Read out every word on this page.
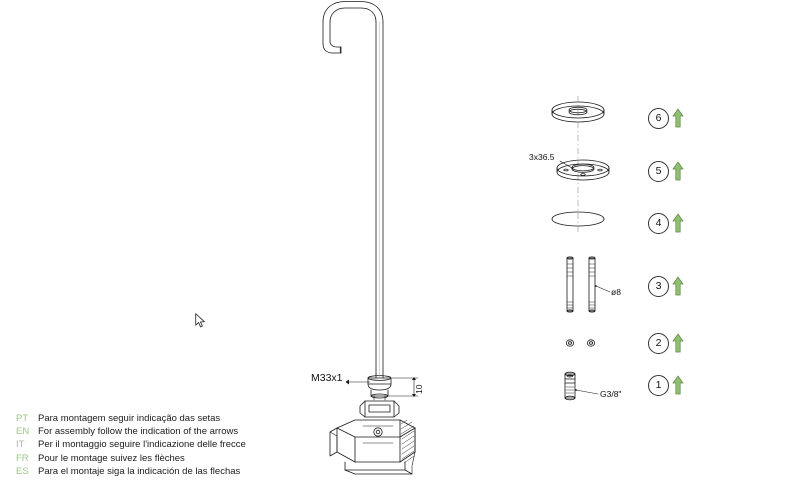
M33x1
3x36.5
ø8
G3/8"
10
6
5
4
3
2
1
PT	Para montagem seguir indicação das setas
EN For assembly follow the indication of the arrows
IT	Per il montaggio seguire l'indicazione delle frecce
FR Pour le montage suivez les flèches
ES Para el montaje siga la indicación de las flechas
